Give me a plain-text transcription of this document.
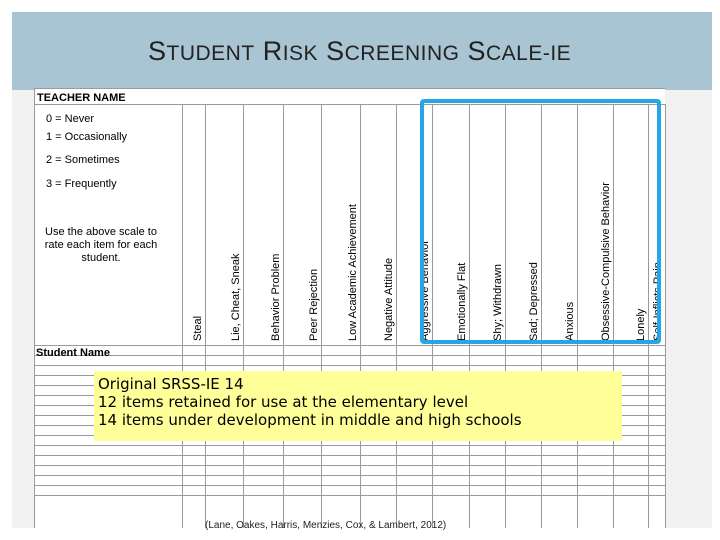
STUDENT RISK SCREENING SCALE-IE
TEACHER NAME
0 = Never
1 = Occasionally
2 = Sometimes
3 = Frequently
Use the above scale to rate each item for each student.
Student Name
Steal Lie, Cheat, Sneak	Behavior Problem Peer Rejection Low Academic Achievement Negative Attitude Aggressive Behavior Emotionally Flat Shy; Withdrawn Sad; Depressed Anxious Obsessive-Compulsive Behavior Lonely Self-Inflicts Pain
Original SRSS-IE 14
12 items retained for use at the elementary level
14 items under development in middle and high schools
(Lane, Oakes, Harris, Menzies, Cox, & Lambert, 2012)
